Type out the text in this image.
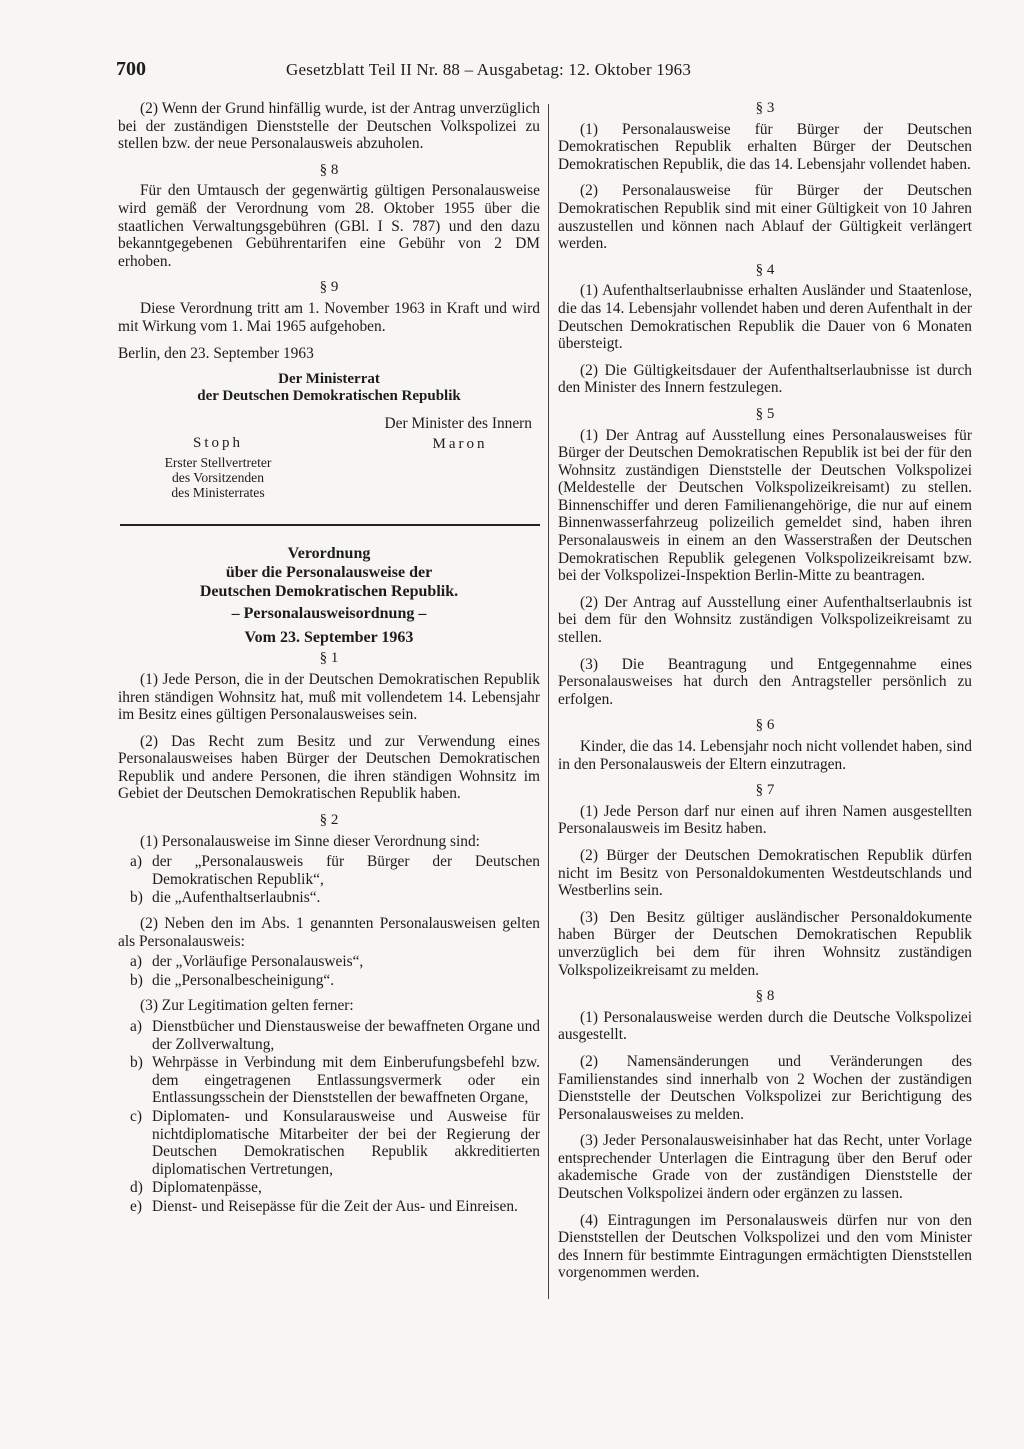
700	Gesetzblatt Teil II Nr. 88 – Ausgabetag: 12. Oktober 1963

(2) Wenn der Grund hinfällig wurde, ist der Antrag unverzüglich bei der zuständigen Dienststelle der Deutschen Volkspolizei zu stellen bzw. der neue Personalausweis abzuholen.

§ 8

Für den Umtausch der gegenwärtig gültigen Personalausweise wird gemäß der Verordnung vom 28. Oktober 1955 über die staatlichen Verwaltungsgebühren (GBl. I S. 787) und den dazu bekanntgegebenen Gebührentarifen eine Gebühr von 2 DM erhoben.

§ 9

Diese Verordnung tritt am 1. November 1963 in Kraft und wird mit Wirkung vom 1. Mai 1965 aufgehoben.

Berlin, den 23. September 1963

Der Ministerrat
der Deutschen Demokratischen Republik
Der Minister des Innern
Stoph
Erster Stellvertreter
des Vorsitzenden
des Ministerrates
Maron
Verordnung
über die Personalausweise der
Deutschen Demokratischen Republik.
– Personalausweisordnung –
Vom 23. September 1963
§ 1

(1) Jede Person, die in der Deutschen Demokratischen Republik ihren ständigen Wohnsitz hat, muß mit vollendetem 14. Lebensjahr im Besitz eines gültigen Personalausweises sein.

(2) Das Recht zum Besitz und zur Verwendung eines Personalausweises haben Bürger der Deutschen Demokratischen Republik und andere Personen, die ihren ständigen Wohnsitz im Gebiet der Deutschen Demokratischen Republik haben.

§ 2

(1) Personalausweise im Sinne dieser Verordnung sind:

a) der „Personalausweis für Bürger der Deutschen Demokratischen Republik“,
b) die „Aufenthaltserlaubnis“.

(2) Neben den im Abs. 1 genannten Personalausweisen gelten als Personalausweis:

a) der „Vorläufige Personalausweis“,
b) die „Personalbescheinigung“.

(3) Zur Legitimation gelten ferner:

a) Dienstbücher und Dienstausweise der bewaffneten Organe und der Zollverwaltung,
b) Wehrpässe in Verbindung mit dem Einberufungsbefehl bzw. dem eingetragenen Entlassungsvermerk oder ein Entlassungsschein der Dienststellen der bewaffneten Organe,
c) Diplomaten- und Konsularausweise und Ausweise für nichtdiplomatische Mitarbeiter der bei der Regierung der Deutschen Demokratischen Republik akkreditierten diplomatischen Vertretungen,
d) Diplomatenpässe,
e) Dienst- und Reisepässe für die Zeit der Aus- und Einreisen.
§ 3

(1) Personalausweise für Bürger der Deutschen Demokratischen Republik erhalten Bürger der Deutschen Demokratischen Republik, die das 14. Lebensjahr vollendet haben.

(2) Personalausweise für Bürger der Deutschen Demokratischen Republik sind mit einer Gültigkeit von 10 Jahren auszustellen und können nach Ablauf der Gültigkeit verlängert werden.

§ 4

(1) Aufenthaltserlaubnisse erhalten Ausländer und Staatenlose, die das 14. Lebensjahr vollendet haben und deren Aufenthalt in der Deutschen Demokratischen Republik die Dauer von 6 Monaten übersteigt.

(2) Die Gültigkeitsdauer der Aufenthaltserlaubnisse ist durch den Minister des Innern festzulegen.

§ 5

(1) Der Antrag auf Ausstellung eines Personalausweises für Bürger der Deutschen Demokratischen Republik ist bei der für den Wohnsitz zuständigen Dienststelle der Deutschen Volkspolizei (Meldestelle der Deutschen Volkspolizeikreisamt) zu stellen. Binnenschiffer und deren Familienangehörige, die nur auf einem Binnenwasserfahrzeug polizeilich gemeldet sind, haben ihren Personalausweis in einem an den Wasserstraßen der Deutschen Demokratischen Republik gelegenen Volkspolizeikreisamt bzw. bei der Volkspolizei-Inspektion Berlin-Mitte zu beantragen.

(2) Der Antrag auf Ausstellung einer Aufenthaltserlaubnis ist bei dem für den Wohnsitz zuständigen Volkspolizeikreisamt zu stellen.

(3) Die Beantragung und Entgegennahme eines Personalausweises hat durch den Antragsteller persönlich zu erfolgen.

§ 6

Kinder, die das 14. Lebensjahr noch nicht vollendet haben, sind in den Personalausweis der Eltern einzutragen.

§ 7

(1) Jede Person darf nur einen auf ihren Namen ausgestellten Personalausweis im Besitz haben.

(2) Bürger der Deutschen Demokratischen Republik dürfen nicht im Besitz von Personaldokumenten Westdeutschlands und Westberlins sein.

(3) Den Besitz gültiger ausländischer Personaldokumente haben Bürger der Deutschen Demokratischen Republik unverzüglich bei dem für ihren Wohnsitz zuständigen Volkspolizeikreisamt zu melden.

§ 8

(1) Personalausweise werden durch die Deutsche Volkspolizei ausgestellt.

(2) Namensänderungen und Veränderungen des Familienstandes sind innerhalb von 2 Wochen der zuständigen Dienststelle der Deutschen Volkspolizei zur Berichtigung des Personalausweises zu melden.

(3) Jeder Personalausweisinhaber hat das Recht, unter Vorlage entsprechender Unterlagen die Eintragung über den Beruf oder akademische Grade von der zuständigen Dienststelle der Deutschen Volkspolizei ändern oder ergänzen zu lassen.

(4) Eintragungen im Personalausweis dürfen nur von den Dienststellen der Deutschen Volkspolizei und den vom Minister des Innern für bestimmte Eintragungen ermächtigten Dienststellen vorgenommen werden.
